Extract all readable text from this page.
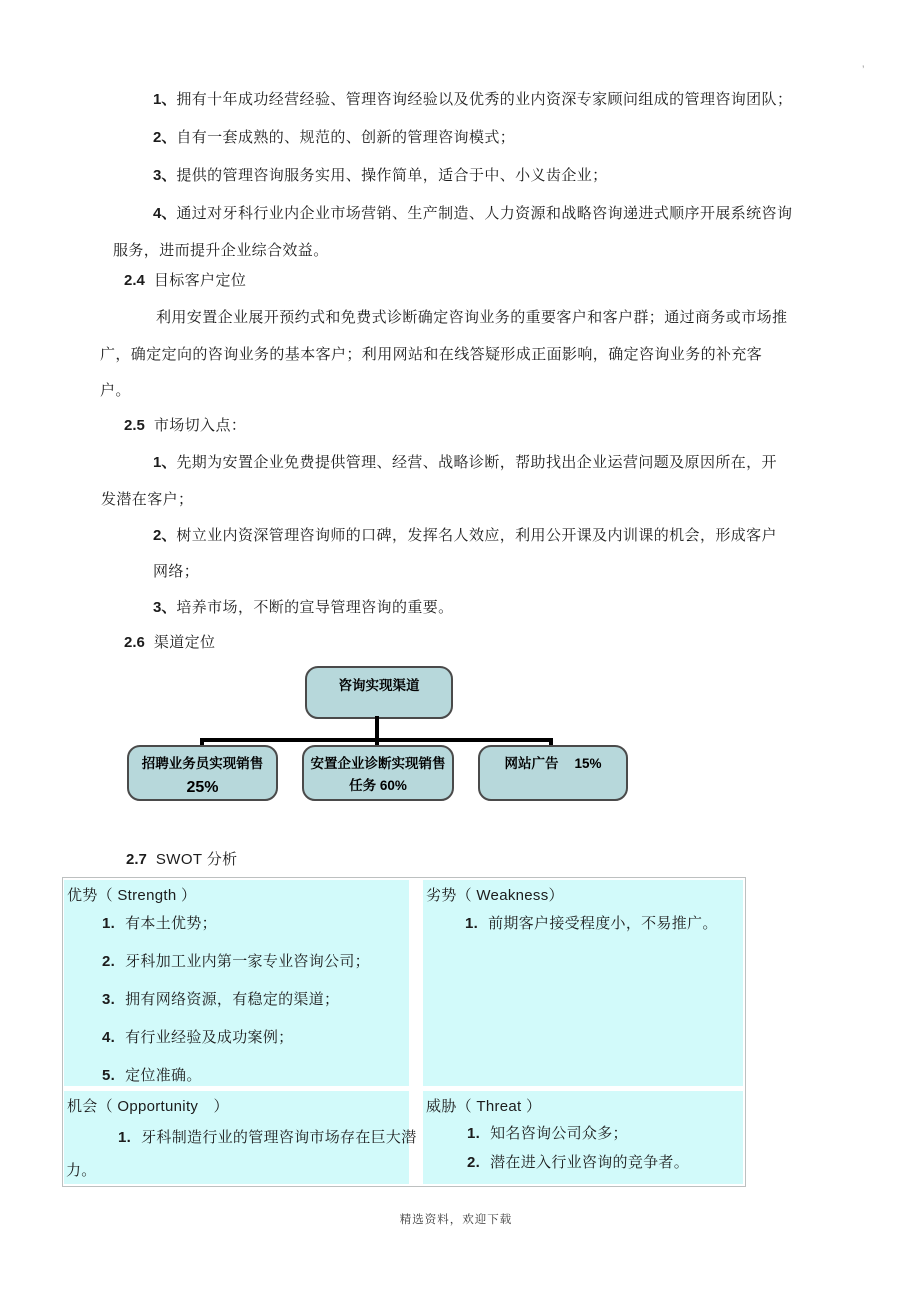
’
1、拥有十年成功经营经验、管理咨询经验以及优秀的业内资深专家顾问组成的管理咨询团队；
2、自有一套成熟的、规范的、创新的管理咨询模式；
3、提供的管理咨询服务实用、操作简单，适合于中、小义齿企业；
4、通过对牙科行业内企业市场营销、生产制造、人力资源和战略咨询递进式顺序开展系统咨询
服务，进而提升企业综合效益。
2.4 目标客户定位
利用安置企业展开预约式和免费式诊断确定咨询业务的重要客户和客户群；通过商务或市场推
广，确定定向的咨询业务的基本客户；利用网站和在线答疑形成正面影响，确定咨询业务的补充客
户。
2.5 市场切入点：
1、先期为安置企业免费提供管理、经营、战略诊断，帮助找出企业运营问题及原因所在，开
发潜在客户；
2、树立业内资深管理咨询师的口碑，发挥名人效应，利用公开课及内训课的机会，形成客户
网络；
3、培养市场，不断的宣导管理咨询的重要。
2.6 渠道定位
咨询实现渠道
招聘业务员实现销售
25%
安置企业诊断实现销售
任务 60%
网站广告 15%
2.7 SWOT 分析
优势（ Strength ）
1. 有本土优势；
2. 牙科加工业内第一家专业咨询公司；
3. 拥有网络资源，有稳定的渠道；
4. 有行业经验及成功案例；
5. 定位准确。
劣势（ Weakness）
1. 前期客户接受程度小，不易推广。
机会（ Opportunity　）
1. 牙科制造行业的管理咨询市场存在巨大潜
力。
威胁（ Threat ）
1. 知名咨询公司众多；
2. 潜在进入行业咨询的竞争者。
精选资料，欢迎下载
